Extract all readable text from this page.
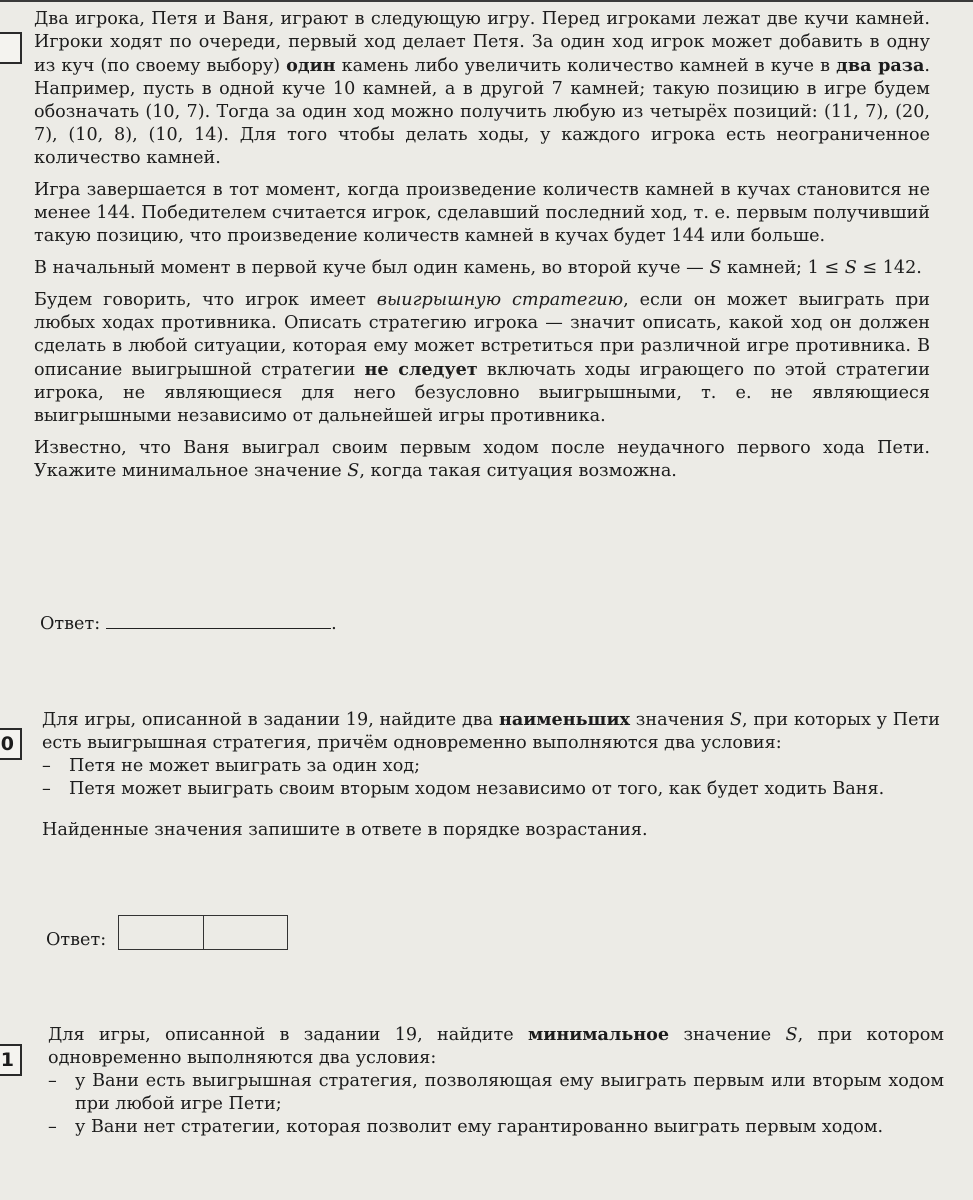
Два игрока, Петя и Ваня, играют в следующую игру. Перед игроками лежат две кучи камней. Игроки ходят по очереди, первый ход делает Петя. За один ход игрок может добавить в одну из куч (по своему выбору) один камень либо увеличить количество камней в куче в два раза. Например, пусть в одной куче 10 камней, а в другой 7 камней; такую позицию в игре будем обозначать (10, 7). Тогда за один ход можно получить любую из четырёх позиций: (11, 7), (20, 7), (10, 8), (10, 14). Для того чтобы делать ходы, у каждого игрока есть неограниченное количество камней.

Игра завершается в тот момент, когда произведение количеств камней в кучах становится не менее 144. Победителем считается игрок, сделавший последний ход, т. е. первым получивший такую позицию, что произведение количеств камней в кучах будет 144 или больше.

В начальный момент в первой куче был один камень, во второй куче — S камней; 1 ≤ S ≤ 142.

Будем говорить, что игрок имеет выигрышную стратегию, если он может выиграть при любых ходах противника. Описать стратегию игрока — значит описать, какой ход он должен сделать в любой ситуации, которая ему может встретиться при различной игре противника. В описание выигрышной стратегии не следует включать ходы играющего по этой стратегии игрока, не являющиеся для него безусловно выигрышными, т. е. не являющиеся выигрышными независимо от дальнейшей игры противника.

Известно, что Ваня выиграл своим первым ходом после неудачного первого хода Пети. Укажите минимальное значение S, когда такая ситуация возможна.

Ответ:	.
0

Для игры, описанной в задании 19, найдите два наименьших значения S, при которых у Пети есть выигрышная стратегия, причём одновременно выполняются два условия:

– Петя не может выиграть за один ход;
– Петя может выиграть своим вторым ходом независимо от того, как будет ходить Ваня.

Найденные значения запишите в ответе в порядке возрастания.

Ответ:
1

Для игры, описанной в задании 19, найдите минимальное значение S, при котором одновременно выполняются два условия:

– у Вани есть выигрышная стратегия, позволяющая ему выиграть первым или вторым ходом при любой игре Пети;
– у Вани нет стратегии, которая позволит ему гарантированно выиграть первым ходом.
